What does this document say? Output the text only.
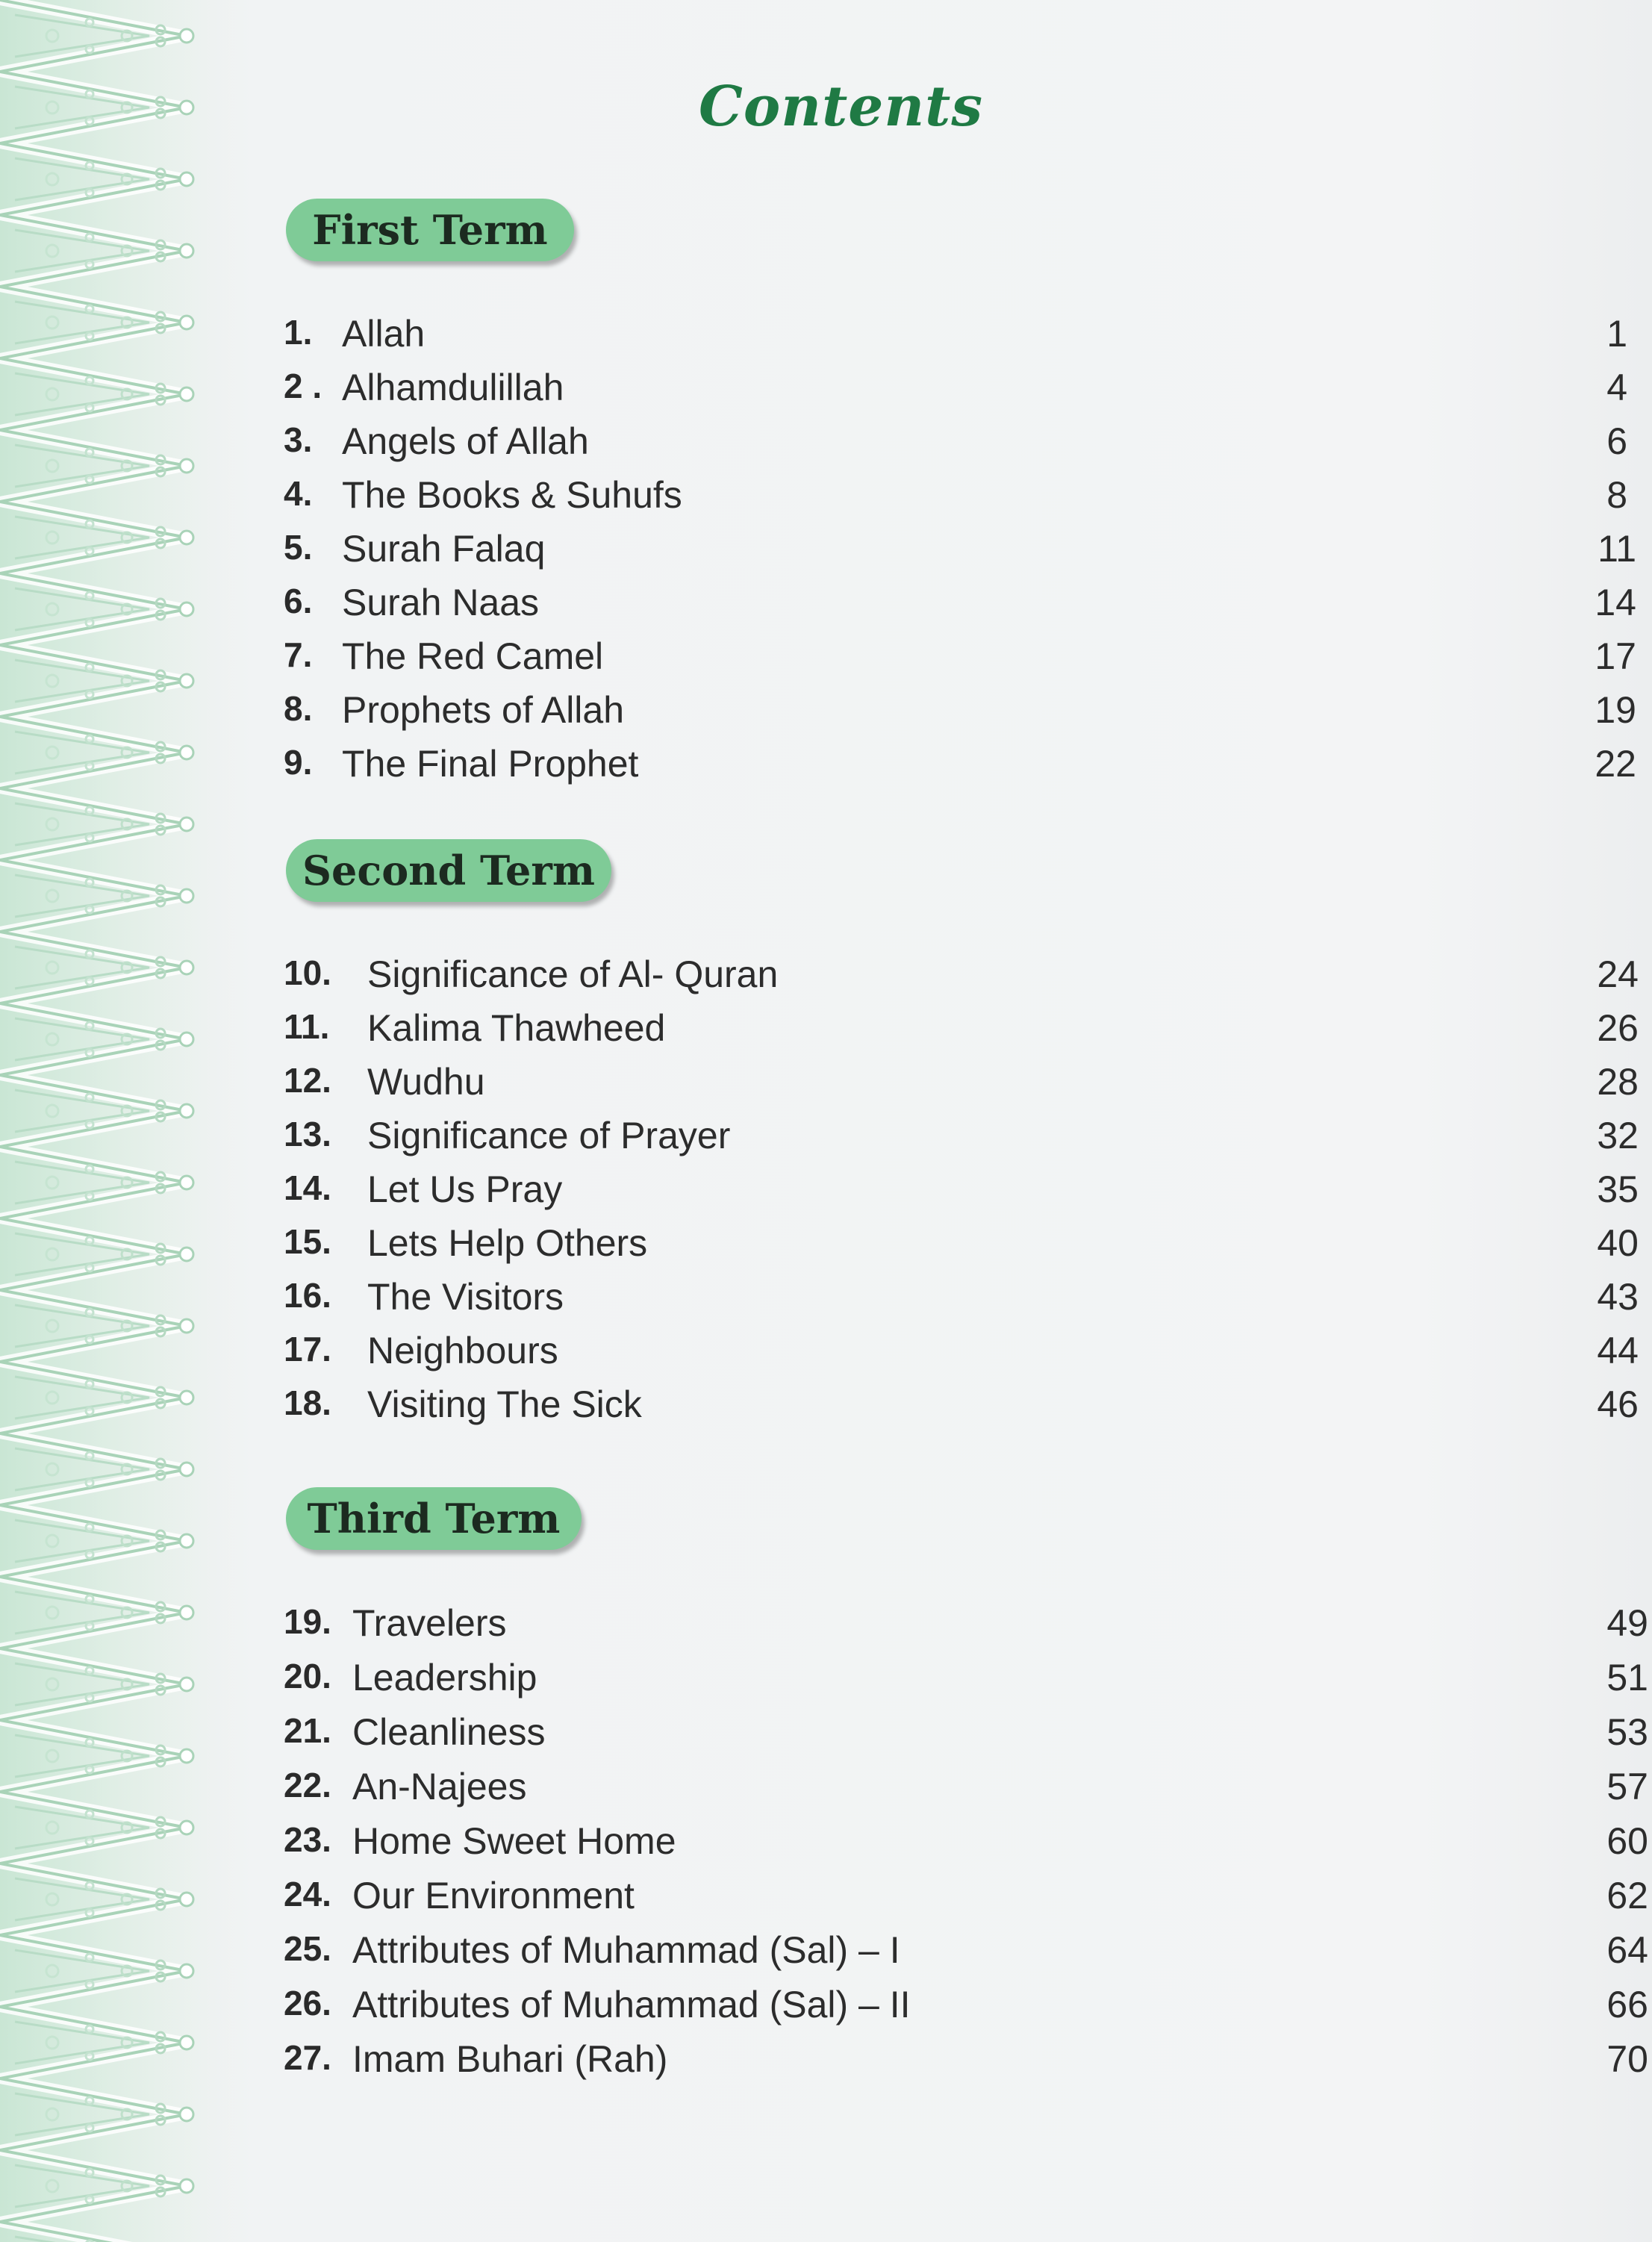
Contents
First Term
1. Allah	1
2 . Alhamdulillah	4
3. Angels of Allah	6
4. The Books & Suhufs	8
5. Surah Falaq	11
6. Surah Naas	14
7. The Red Camel	17
8. Prophets of Allah	19
9. The Final Prophet	22
Second Term
10. Significance of Al- Quran	24
11. Kalima Thawheed	26
12. Wudhu	28
13. Significance of Prayer	32
14. Let Us Pray	35
15. Lets Help Others	40
16. The Visitors	43
17. Neighbours	44
18. Visiting The Sick	46
Third Term
19. Travelers	49
20. Leadership	51
21. Cleanliness	53
22. An-Najees	57
23. Home Sweet Home	60
24. Our Environment	62
25. Attributes of Muhammad (Sal) – I	64
26. Attributes of Muhammad (Sal) – II	66
27. Imam Buhari (Rah)	70
